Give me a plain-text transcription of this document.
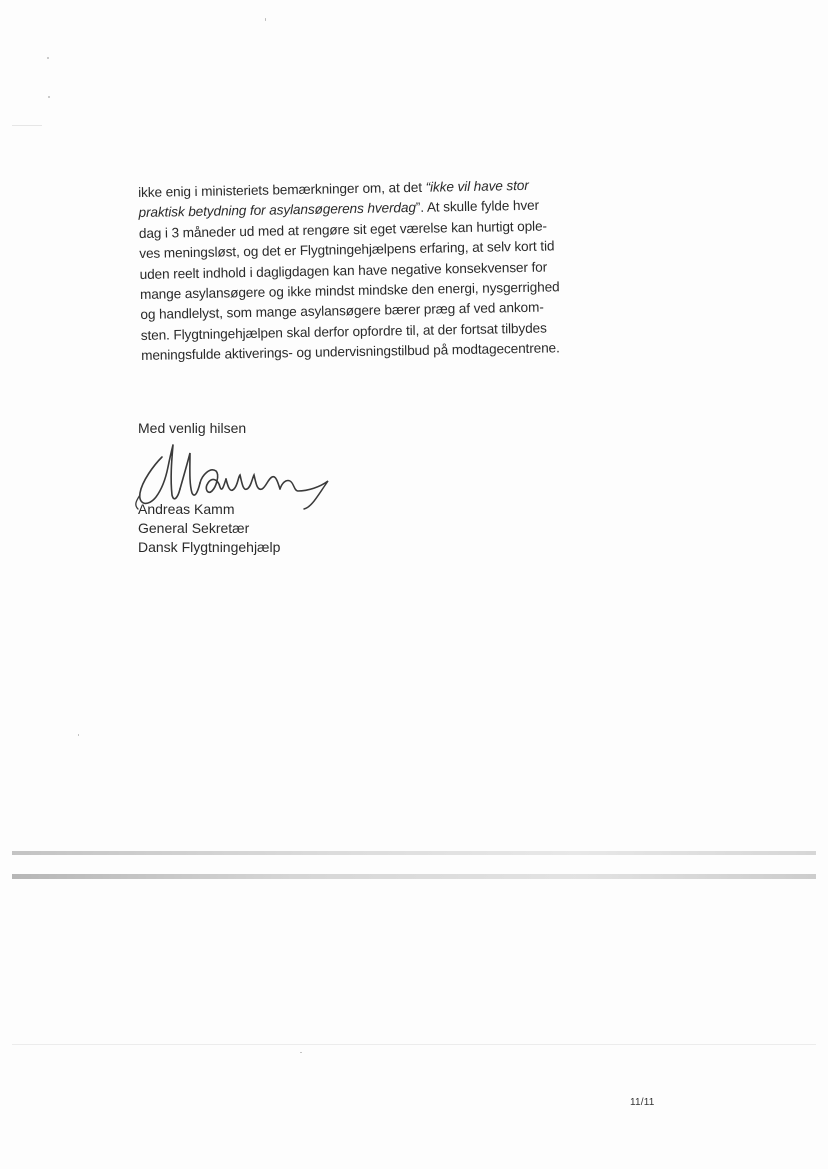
ikke enig i ministeriets bemærkninger om, at det “ikke vil have stor
praktisk betydning for asylansøgerens hverdag”. At skulle fylde hver
dag i 3 måneder ud med at rengøre sit eget værelse kan hurtigt ople-
ves meningsløst, og det er Flygtningehjælpens erfaring, at selv kort tid
uden reelt indhold i dagligdagen kan have negative konsekvenser for
mange asylansøgere og ikke mindst mindske den energi, nysgerrighed
og handlelyst, som mange asylansøgere bærer præg af ved ankom-
sten. Flygtningehjælpen skal derfor opfordre til, at der fortsat tilbydes
meningsfulde aktiverings- og undervisningstilbud på modtagecentrene.

Med venlig hilsen

Andreas Kamm
General Sekretær
Dansk Flygtningehjælp
11/11
